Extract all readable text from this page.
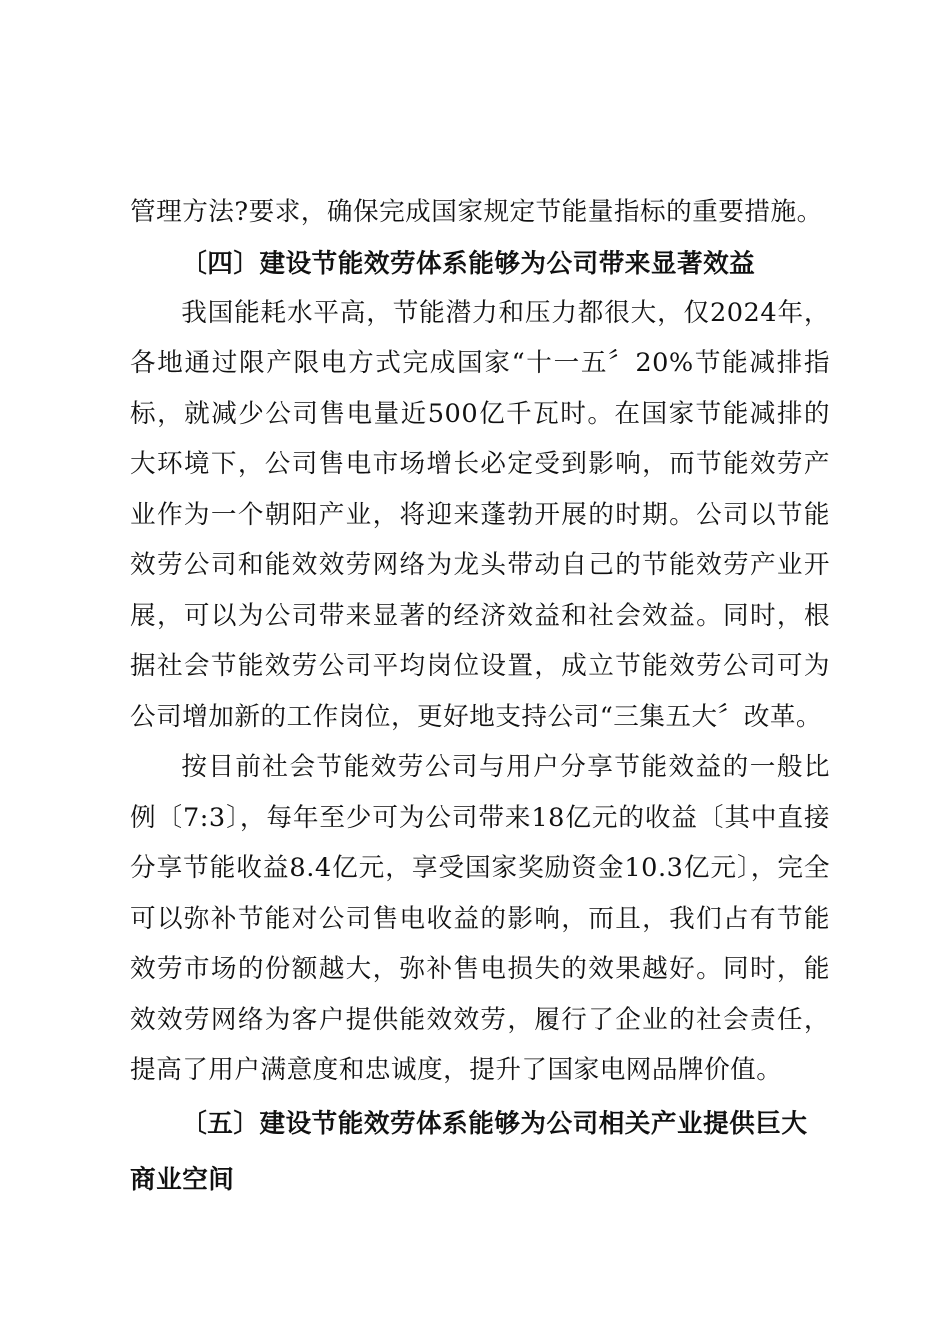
管理方法?要求，确保完成国家规定节能量指标的重要措施。

〔四〕建设节能效劳体系能够为公司带来显著效益

我国能耗水平高，节能潜力和压力都很大，仅2024年，各地通过限产限电方式完成国家“十一五〞20%节能减排指标，就减少公司售电量近500亿千瓦时。在国家节能减排的大环境下，公司售电市场增长必定受到影响，而节能效劳产业作为一个朝阳产业，将迎来蓬勃开展的时期。公司以节能效劳公司和能效效劳网络为龙头带动自己的节能效劳产业开展，可以为公司带来显著的经济效益和社会效益。同时，根据社会节能效劳公司平均岗位设置，成立节能效劳公司可为公司增加新的工作岗位，更好地支持公司“三集五大〞改革。

按目前社会节能效劳公司与用户分享节能效益的一般比例〔7:3〕，每年至少可为公司带来18亿元的收益〔其中直接分享节能收益8.4亿元，享受国家奖励资金10.3亿元〕，完全可以弥补节能对公司售电收益的影响，而且，我们占有节能效劳市场的份额越大，弥补售电损失的效果越好。同时，能效效劳网络为客户提供能效效劳，履行了企业的社会责任，提高了用户满意度和忠诚度，提升了国家电网品牌价值。

〔五〕建设节能效劳体系能够为公司相关产业提供巨大商业空间
